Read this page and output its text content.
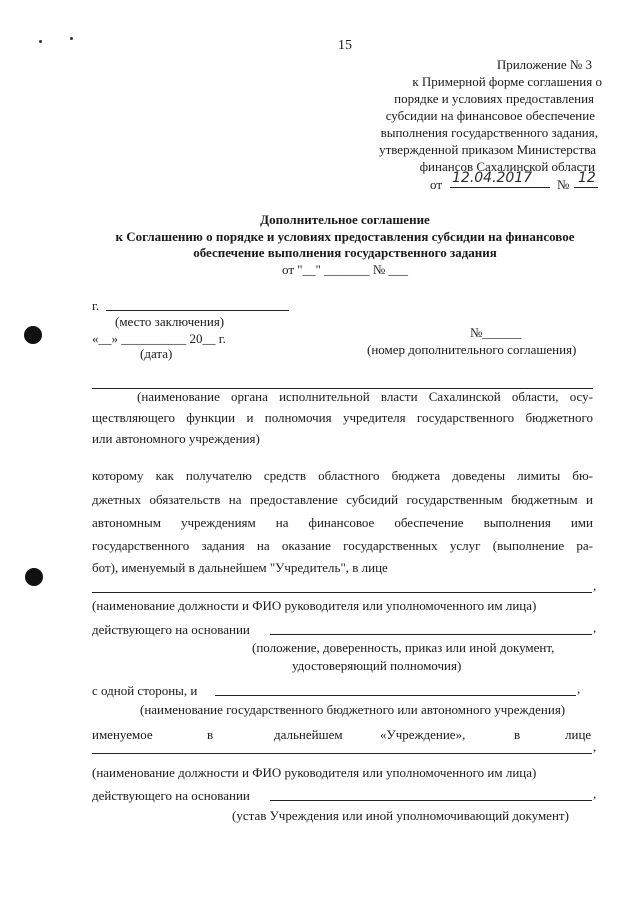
15
Приложение № 3
к Примерной форме соглашения о
порядке и условиях предоставления
субсидии на финансовое обеспечение
выполнения государственного задания,
утвержденной приказом Министерства
финансов Сахалинской области
от 12.04.2017 № 12
Дополнительное соглашение
к Соглашению о порядке и условиях предоставления субсидии на финансовое
обеспечение выполнения государственного задания
от "__" _______ № ___
г.
(место заключения)
«__» __________ 20__ г.
(дата)
№______
(номер дополнительного соглашения)
(наименование органа исполнительной власти Сахалинской области, осу-
ществляющего функции и полномочия учредителя государственного бюджетного
или автономного учреждения)
которому как получателю средств областного бюджета доведены лимиты бю-
джетных обязательств на предоставление субсидий государственным бюджетным и
автономным учреждениям на финансовое обеспечение выполнения ими
государственного задания на оказание государственных услуг (выполнение ра-
бот), именуемый в дальнейшем "Учредитель", в лице
,
(наименование должности и ФИО руководителя или уполномоченного им лица)
действующего на основании	,
(положение, доверенность, приказ или иной документ,
удостоверяющий полномочия)
с одной стороны, и	,
(наименование государственного бюджетного или автономного учреждения)
именуемое	в	дальнейшем	«Учреждение»,	в	лице
,
(наименование должности и ФИО руководителя или уполномоченного им лица)
действующего на основании	,
(устав Учреждения или иной уполномочивающий документ)
